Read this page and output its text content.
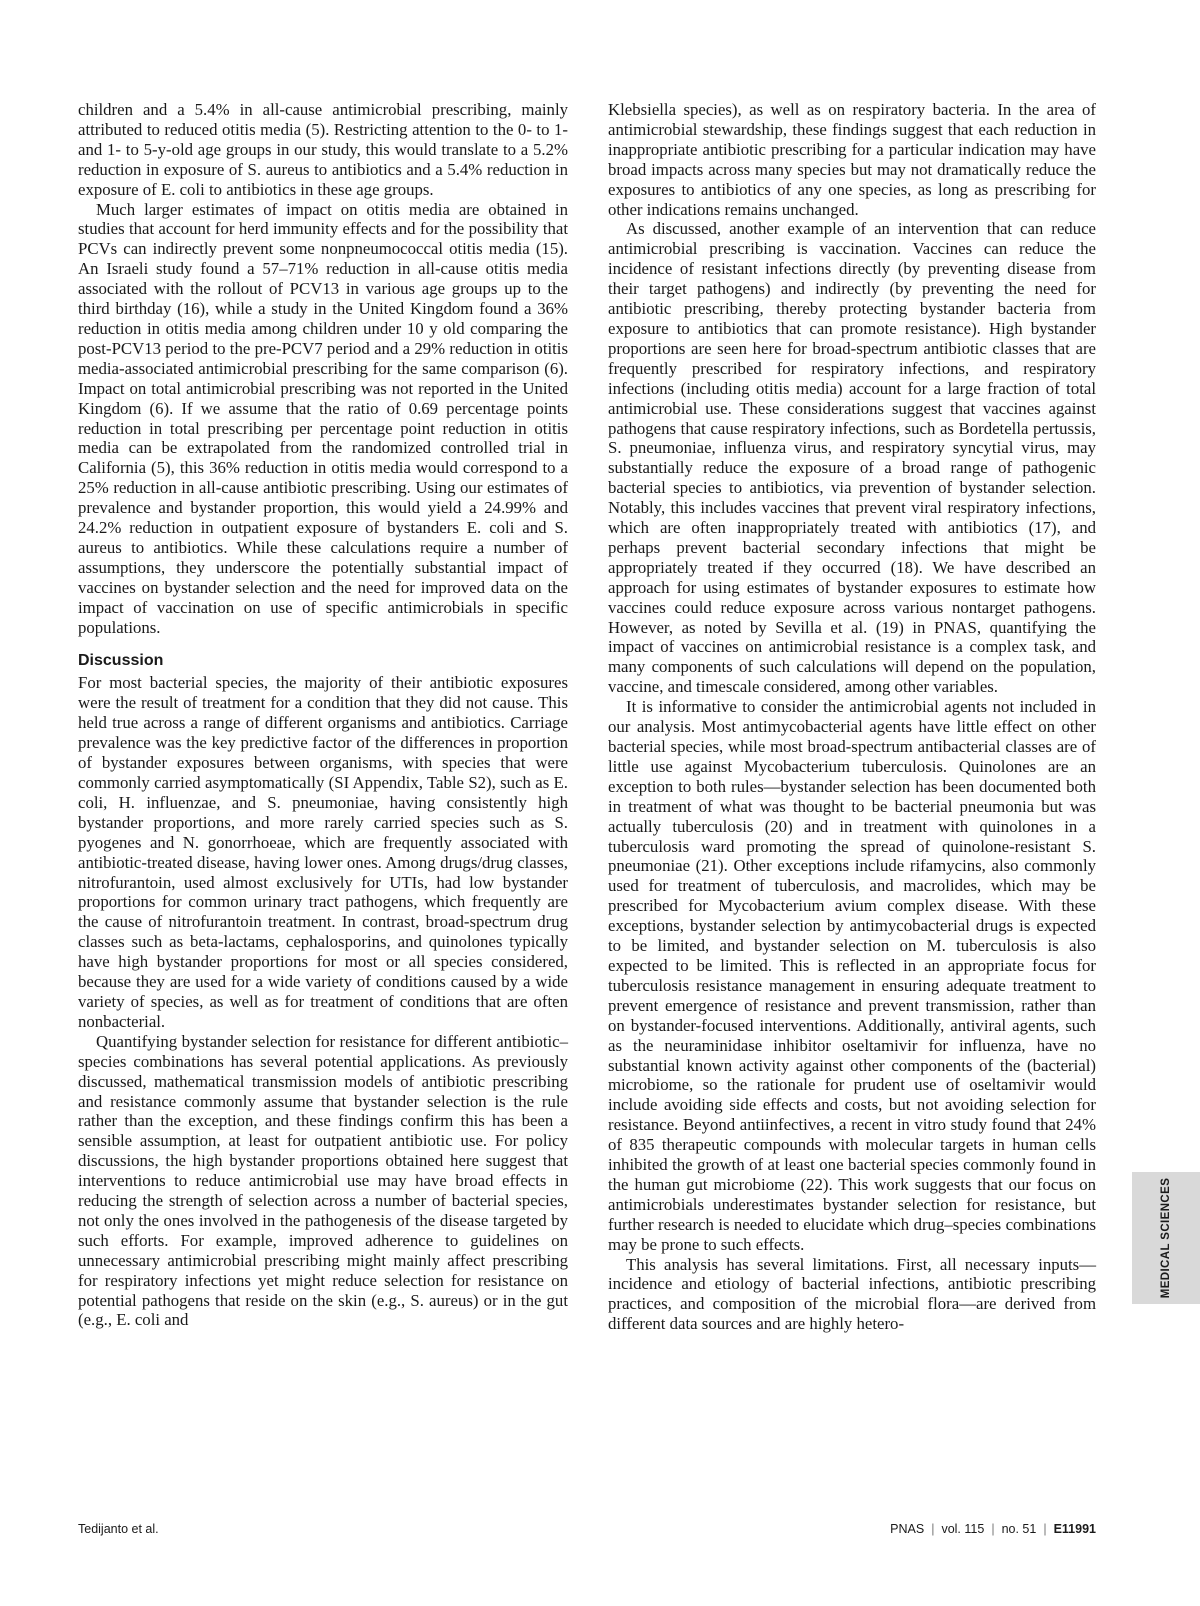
children and a 5.4% in all-cause antimicrobial prescribing, mainly attributed to reduced otitis media (5). Restricting attention to the 0- to 1- and 1- to 5-y-old age groups in our study, this would translate to a 5.2% reduction in exposure of S. aureus to antibiotics and a 5.4% reduction in exposure of E. coli to antibiotics in these age groups.

Much larger estimates of impact on otitis media are obtained in studies that account for herd immunity effects and for the possibility that PCVs can indirectly prevent some nonpneumococcal otitis media (15). An Israeli study found a 57–71% reduction in all-cause otitis media associated with the rollout of PCV13 in various age groups up to the third birthday (16), while a study in the United Kingdom found a 36% reduction in otitis media among children under 10 y old comparing the post-PCV13 period to the pre-PCV7 period and a 29% reduction in otitis media-associated antimicrobial prescribing for the same comparison (6). Impact on total antimicrobial prescribing was not reported in the United Kingdom (6). If we assume that the ratio of 0.69 percentage points reduction in total prescribing per percentage point reduction in otitis media can be extrapolated from the randomized controlled trial in California (5), this 36% reduction in otitis media would correspond to a 25% reduction in all-cause antibiotic prescribing. Using our estimates of prevalence and bystander proportion, this would yield a 24.99% and 24.2% reduction in outpatient exposure of bystanders E. coli and S. aureus to antibiotics. While these calculations require a number of assumptions, they underscore the potentially substantial impact of vaccines on bystander selection and the need for improved data on the impact of vaccination on use of specific antimicrobials in specific populations.

Discussion

For most bacterial species, the majority of their antibiotic exposures were the result of treatment for a condition that they did not cause. This held true across a range of different organisms and antibiotics. Carriage prevalence was the key predictive factor of the differences in proportion of bystander exposures between organisms, with species that were commonly carried asymptomatically (SI Appendix, Table S2), such as E. coli, H. influenzae, and S. pneumoniae, having consistently high bystander proportions, and more rarely carried species such as S. pyogenes and N. gonorrhoeae, which are frequently associated with antibiotic-treated disease, having lower ones. Among drugs/drug classes, nitrofurantoin, used almost exclusively for UTIs, had low bystander proportions for common urinary tract pathogens, which frequently are the cause of nitrofurantoin treatment. In contrast, broad-spectrum drug classes such as beta-lactams, cephalosporins, and quinolones typically have high bystander proportions for most or all species considered, because they are used for a wide variety of conditions caused by a wide variety of species, as well as for treatment of conditions that are often nonbacterial.

Quantifying bystander selection for resistance for different antibiotic–species combinations has several potential applications. As previously discussed, mathematical transmission models of antibiotic prescribing and resistance commonly assume that bystander selection is the rule rather than the exception, and these findings confirm this has been a sensible assumption, at least for outpatient antibiotic use. For policy discussions, the high bystander proportions obtained here suggest that interventions to reduce antimicrobial use may have broad effects in reducing the strength of selection across a number of bacterial species, not only the ones involved in the pathogenesis of the disease targeted by such efforts. For example, improved adherence to guidelines on unnecessary antimicrobial prescribing might mainly affect prescribing for respiratory infections yet might reduce selection for resistance on potential pathogens that reside on the skin (e.g., S. aureus) or in the gut (e.g., E. coli and

Klebsiella species), as well as on respiratory bacteria. In the area of antimicrobial stewardship, these findings suggest that each reduction in inappropriate antibiotic prescribing for a particular indication may have broad impacts across many species but may not dramatically reduce the exposures to antibiotics of any one species, as long as prescribing for other indications remains unchanged.

As discussed, another example of an intervention that can reduce antimicrobial prescribing is vaccination. Vaccines can reduce the incidence of resistant infections directly (by preventing disease from their target pathogens) and indirectly (by preventing the need for antibiotic prescribing, thereby protecting bystander bacteria from exposure to antibiotics that can promote resistance). High bystander proportions are seen here for broad-spectrum antibiotic classes that are frequently prescribed for respiratory infections, and respiratory infections (including otitis media) account for a large fraction of total antimicrobial use. These considerations suggest that vaccines against pathogens that cause respiratory infections, such as Bordetella pertussis, S. pneumoniae, influenza virus, and respiratory syncytial virus, may substantially reduce the exposure of a broad range of pathogenic bacterial species to antibiotics, via prevention of bystander selection. Notably, this includes vaccines that prevent viral respiratory infections, which are often inappropriately treated with antibiotics (17), and perhaps prevent bacterial secondary infections that might be appropriately treated if they occurred (18). We have described an approach for using estimates of bystander exposures to estimate how vaccines could reduce exposure across various nontarget pathogens. However, as noted by Sevilla et al. (19) in PNAS, quantifying the impact of vaccines on antimicrobial resistance is a complex task, and many components of such calculations will depend on the population, vaccine, and timescale considered, among other variables.

It is informative to consider the antimicrobial agents not included in our analysis. Most antimycobacterial agents have little effect on other bacterial species, while most broad-spectrum antibacterial classes are of little use against Mycobacterium tuberculosis. Quinolones are an exception to both rules—bystander selection has been documented both in treatment of what was thought to be bacterial pneumonia but was actually tuberculosis (20) and in treatment with quinolones in a tuberculosis ward promoting the spread of quinolone-resistant S. pneumoniae (21). Other exceptions include rifamycins, also commonly used for treatment of tuberculosis, and macrolides, which may be prescribed for Mycobacterium avium complex disease. With these exceptions, bystander selection by antimycobacterial drugs is expected to be limited, and bystander selection on M. tuberculosis is also expected to be limited. This is reflected in an appropriate focus for tuberculosis resistance management in ensuring adequate treatment to prevent emergence of resistance and prevent transmission, rather than on bystander-focused interventions. Additionally, antiviral agents, such as the neuraminidase inhibitor oseltamivir for influenza, have no substantial known activity against other components of the (bacterial) microbiome, so the rationale for prudent use of oseltamivir would include avoiding side effects and costs, but not avoiding selection for resistance. Beyond antiinfectives, a recent in vitro study found that 24% of 835 therapeutic compounds with molecular targets in human cells inhibited the growth of at least one bacterial species commonly found in the human gut microbiome (22). This work suggests that our focus on antimicrobials underestimates bystander selection for resistance, but further research is needed to elucidate which drug–species combinations may be prone to such effects.

This analysis has several limitations. First, all necessary inputs—incidence and etiology of bacterial infections, antibiotic prescribing practices, and composition of the microbial flora—are derived from different data sources and are highly hetero-

MEDICAL SCIENCES
Tedijanto et al.	PNAS | vol. 115 | no. 51 | E11991
